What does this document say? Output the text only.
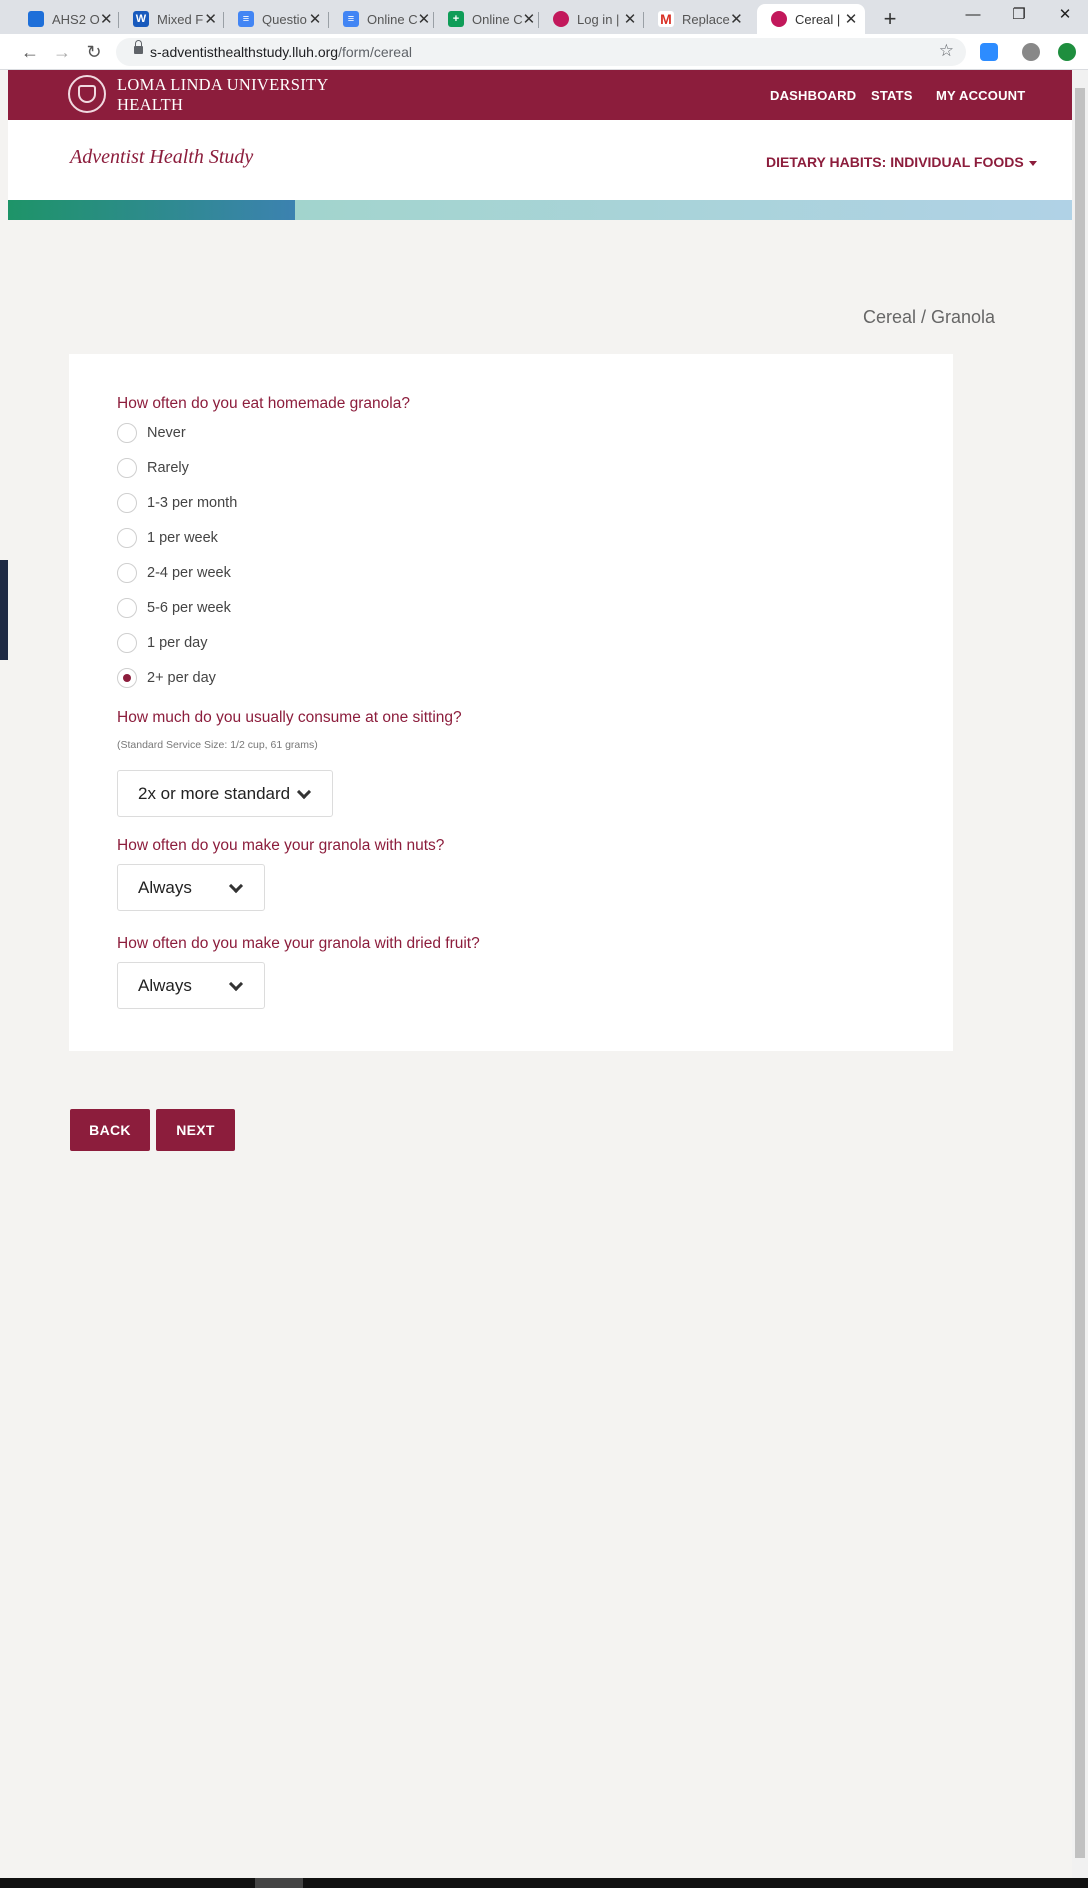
AHS2 O ✕ W Mixed F ✕	≡ Questio ✕	≡ Online C ✕	+ Online C ✕	Log in | ✕ M Replace ✕	Cereal | ✕ +	—	❐	✕
← → ↻	s-adventisthealthstudy.lluh.org/form/cereal	☆
LOMA LINDA UNIVERSITY
HEALTH	DASHBOARD STATS MY ACCOUNT
Adventist Health Study	DIETARY HABITS: INDIVIDUAL FOODS
Cereal / Granola
How often do you eat homemade granola?
Never
Rarely
1-3 per month
1 per week
2-4 per week
5-6 per week
1 per day
2+ per day
How much do you usually consume at one sitting?
(Standard Service Size: 1/2 cup, 61 grams)
How often do you make your granola with nuts?
How often do you make your granola with dried fruit?
BACK	NEXT
2x or more standard
Always
Always
